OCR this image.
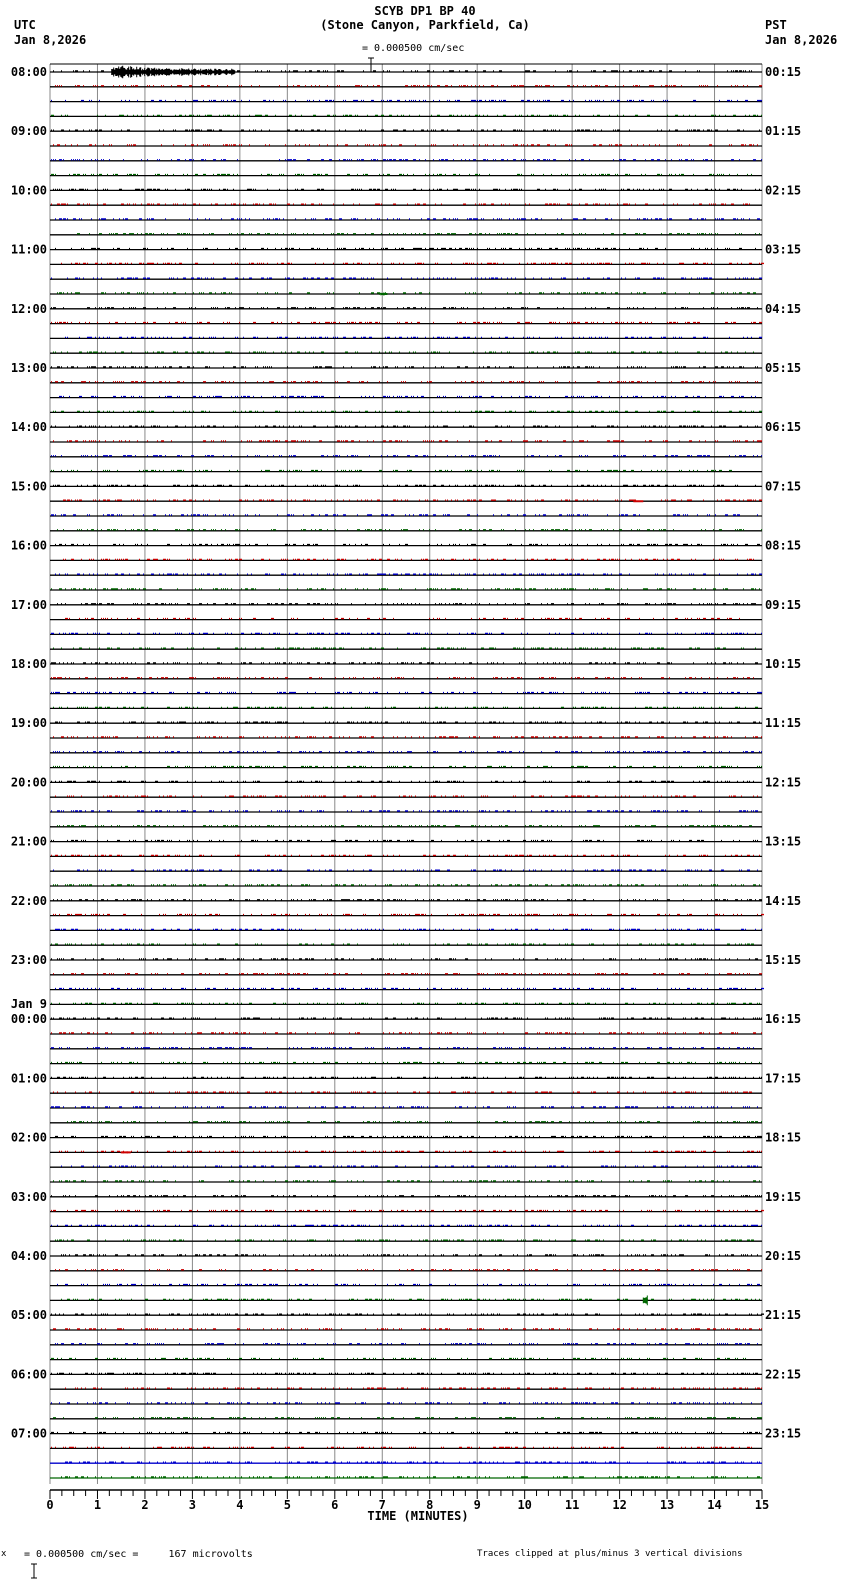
SCYB DP1 BP 40
(Stone Canyon, Parkfield, Ca)

= 0.000500 cm/sec
UTC
Jan 8,2026
PST
Jan 8,2026
08:00
09:00
10:00
11:00
12:00
13:00
14:00
15:00
16:00
17:00
18:00
19:00
20:00
21:00
22:00
23:00
00:00
01:00
02:00
03:00
04:00
05:00
06:00
07:00
Jan 9
00:15
01:15
02:15
03:15
04:15
05:15
06:15
07:15
08:15
09:15
10:15
11:15
12:15
13:15
14:15
15:15
16:15
17:15
18:15
19:15
20:15
21:15
22:15
23:15
0	1	2	3	4	5	6	7	8	9	10	11	12	13	14	15
TIME (MINUTES)
x

= 0.000500 cm/sec =     167 microvolts	Traces clipped at plus/minus 3 vertical divisions
